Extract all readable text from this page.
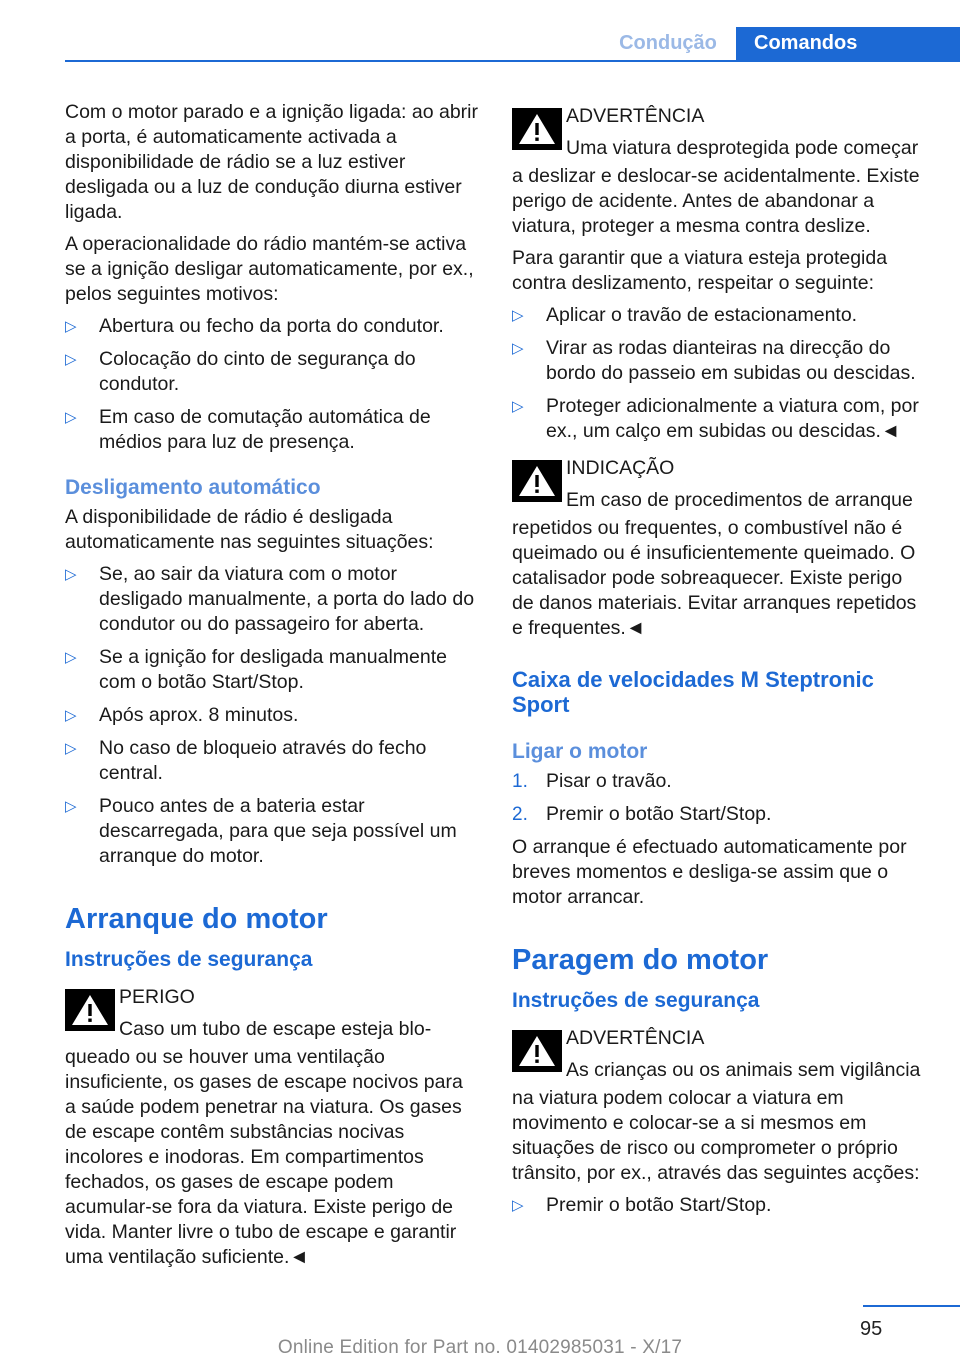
Condução	Comandos

Com o motor parado e a ignição ligada: ao abrir a porta, é automaticamente activada a disponibilidade de rádio se a luz estiver desligada ou a luz de condução diurna estiver ligada.

A operacionalidade do rádio mantém-se activa se a ignição desligar automaticamente, por ex., pelos seguintes motivos:

▷	Abertura ou fecho da porta do condutor.
▷	Colocação do cinto de segurança do condutor.
▷	Em caso de comutação automática de médios para luz de presença.
Desligamento automático

A disponibilidade de rádio é desligada automaticamente nas seguintes situações:

▷	Se, ao sair da viatura com o motor desligado manualmente, a porta do lado do condutor ou do passageiro for aberta.
▷	Se a ignição for desligada manualmente com o botão Start/Stop.
▷	Após aprox. 8 minutos.
▷	No caso de bloqueio através do fecho central.
▷	Pouco antes de a bateria estar descarregada, para que seja possível um arranque do motor.
Arranque do motor
Instruções de segurança
PERIGO
Caso um tubo de escape esteja blo-

queado ou se houver uma ventilação insuficiente, os gases de escape nocivos para a saúde podem penetrar na viatura. Os gases de escape contêm substâncias nocivas incolores e inodoras. Em compartimentos fechados, os gases de escape podem acumular-se fora da viatura. Existe perigo de vida. Manter livre o tubo de escape e garantir uma ventilação suficiente.◄

ADVERTÊNCIA
Uma viatura desprotegida pode começar

a deslizar e deslocar-se acidentalmente. Existe perigo de acidente. Antes de abandonar a viatura, proteger a mesma contra deslize.

Para garantir que a viatura esteja protegida contra deslizamento, respeitar o seguinte:

▷	Aplicar o travão de estacionamento.
▷	Virar as rodas dianteiras na direcção do bordo do passeio em subidas ou descidas.
▷	Proteger adicionalmente a viatura com, por ex., um calço em subidas ou descidas.◄
INDICAÇÃO
Em caso de procedimentos de arranque

repetidos ou frequentes, o combustível não é queimado ou é insuficientemente queimado. O catalisador pode sobreaquecer. Existe perigo de danos materiais. Evitar arranques repetidos e frequentes.◄

Caixa de velocidades M Steptronic Sport
Ligar o motor
1. Pisar o travão.
2. Premir o botão Start/Stop.

O arranque é efectuado automaticamente por breves momentos e desliga-se assim que o motor arrancar.

Paragem do motor
Instruções de segurança
ADVERTÊNCIA
As crianças ou os animais sem vigilância

na viatura podem colocar a viatura em movimento e colocar-se a si mesmos em situações de risco ou comprometer o próprio trânsito, por ex., através das seguintes acções:

▷	Premir o botão Start/Stop.
95
Online Edition for Part no. 01402985031 - X/17
